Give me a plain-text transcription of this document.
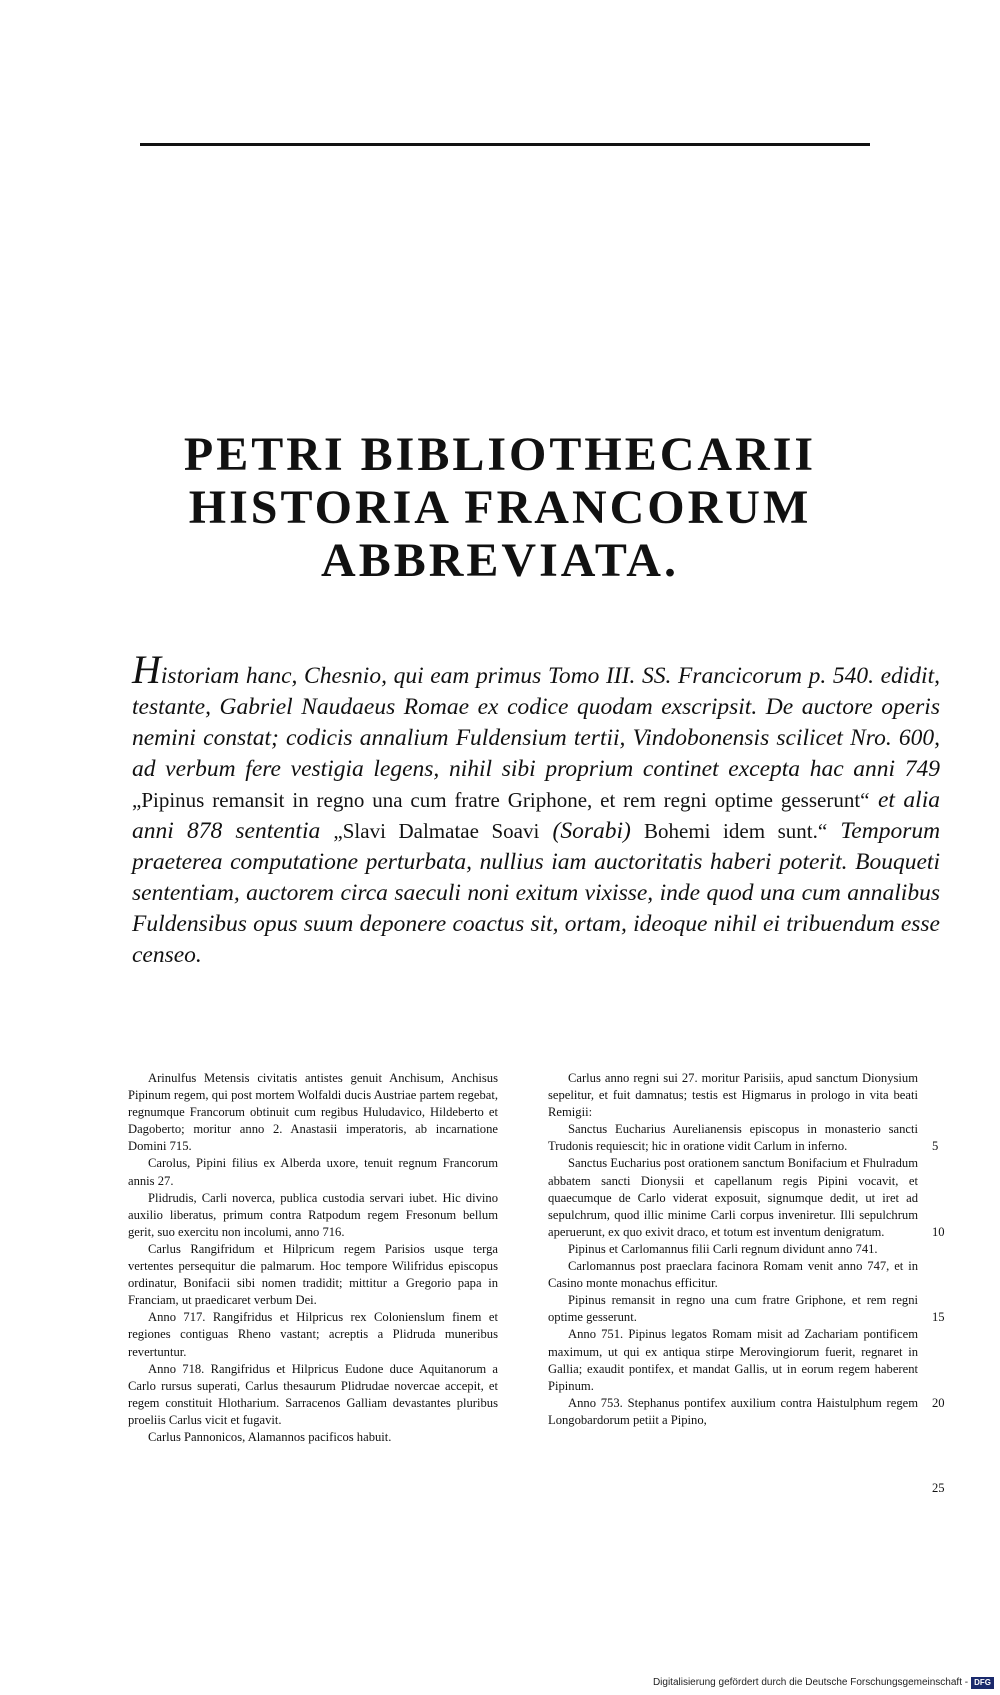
PETRI BIBLIOTHECARII
HISTORIA FRANCORUM
ABBREVIATA.

Historiam hanc, Chesnio, qui eam primus Tomo III. SS. Francicorum p. 540. edidit, testante, Gabriel Naudaeus Romae ex codice quodam exscripsit. De auctore operis nemini constat; codicis annalium Fuldensium tertii, Vindobonensis scilicet Nro. 600, ad verbum fere vestigia legens, nihil sibi proprium continet excepta hac anni 749 „Pipinus remansit in regno una cum fratre Griphone, et rem regni optime gesserunt“ et alia anni 878 sententia „Slavi Dalmatae Soavi (Sorabi) Bohemi idem sunt.“ Temporum praeterea computatione perturbata, nullius iam auctoritatis haberi poterit. Bouqueti sententiam, auctorem circa saeculi noni exitum vixisse, inde quod una cum annalibus Fuldensibus opus suum deponere coactus sit, ortam, ideoque nihil ei tribuendum esse censeo.

Arinulfus Metensis civitatis antistes genuit Anchisum, Anchisus Pipinum regem, qui post mortem Wolfaldi ducis Austriae partem regebat, regnumque Francorum obtinuit cum regibus Huludavico, Hildeberto et Dagoberto; moritur anno 2. Anastasii imperatoris, ab incarnatione Domini 715.

Carolus, Pipini filius ex Alberda uxore, tenuit regnum Francorum annis 27.

Plidrudis, Carli noverca, publica custodia servari iubet. Hic divino auxilio liberatus, primum contra Ratpodum regem Fresonum bellum gerit, suo exercitu non incolumi, anno 716.

Carlus Rangifridum et Hilpricum regem Parisios usque terga vertentes persequitur die palmarum. Hoc tempore Wilifridus episcopus ordinatur, Bonifacii sibi nomen tradidit; mittitur a Gregorio papa in Franciam, ut praedicaret verbum Dei.

Anno 717. Rangifridus et Hilpricus rex Colonienslum finem et regiones contiguas Rheno vastant; acreptis a Plidruda muneribus revertuntur.

Anno 718. Rangifridus et Hilpricus Eudone duce Aquitanorum a Carlo rursus superati, Carlus thesaurum Plidrudae novercae accepit, et regem constituit Hlotharium. Sarracenos Galliam devastantes pluribus proeliis Carlus vicit et fugavit.

Carlus Pannonicos, Alamannos pacificos habuit.

Carlus anno regni sui 27. moritur Parisiis, apud sanctum Dionysium sepelitur, et fuit damnatus; testis est Higmarus in prologo in vita beati Remigii:

Sanctus Eucharius Aurelianensis episcopus in monasterio sancti Trudonis requiescit; hic in oratione vidit Carlum in inferno.

Sanctus Eucharius post orationem sanctum Bonifacium et Fhulradum abbatem sancti Dionysii et capellanum regis Pipini vocavit, et quaecumque de Carlo viderat exposuit, signumque dedit, ut iret ad sepulchrum, quod illic minime Carli corpus inveniretur. Illi sepulchrum aperuerunt, ex quo exivit draco, et totum est inventum denigratum.

Pipinus et Carlomannus filii Carli regnum dividunt anno 741.

Carlomannus post praeclara facinora Romam venit anno 747, et in Casino monte monachus efficitur.

Pipinus remansit in regno una cum fratre Griphone, et rem regni optime gesserunt.

Anno 751. Pipinus legatos Romam misit ad Zachariam pontificem maximum, ut qui ex antiqua stirpe Merovingiorum fuerit, regnaret in Gallia; exaudit pontifex, et mandat Gallis, ut in eorum regem haberent Pipinum.

Anno 753. Stephanus pontifex auxilium contra Haistulphum regem Longobardorum petiit a Pipino,

5
10
15
20
25
Digitalisierung gefördert durch die Deutsche Forschungsgemeinschaft - DFG
